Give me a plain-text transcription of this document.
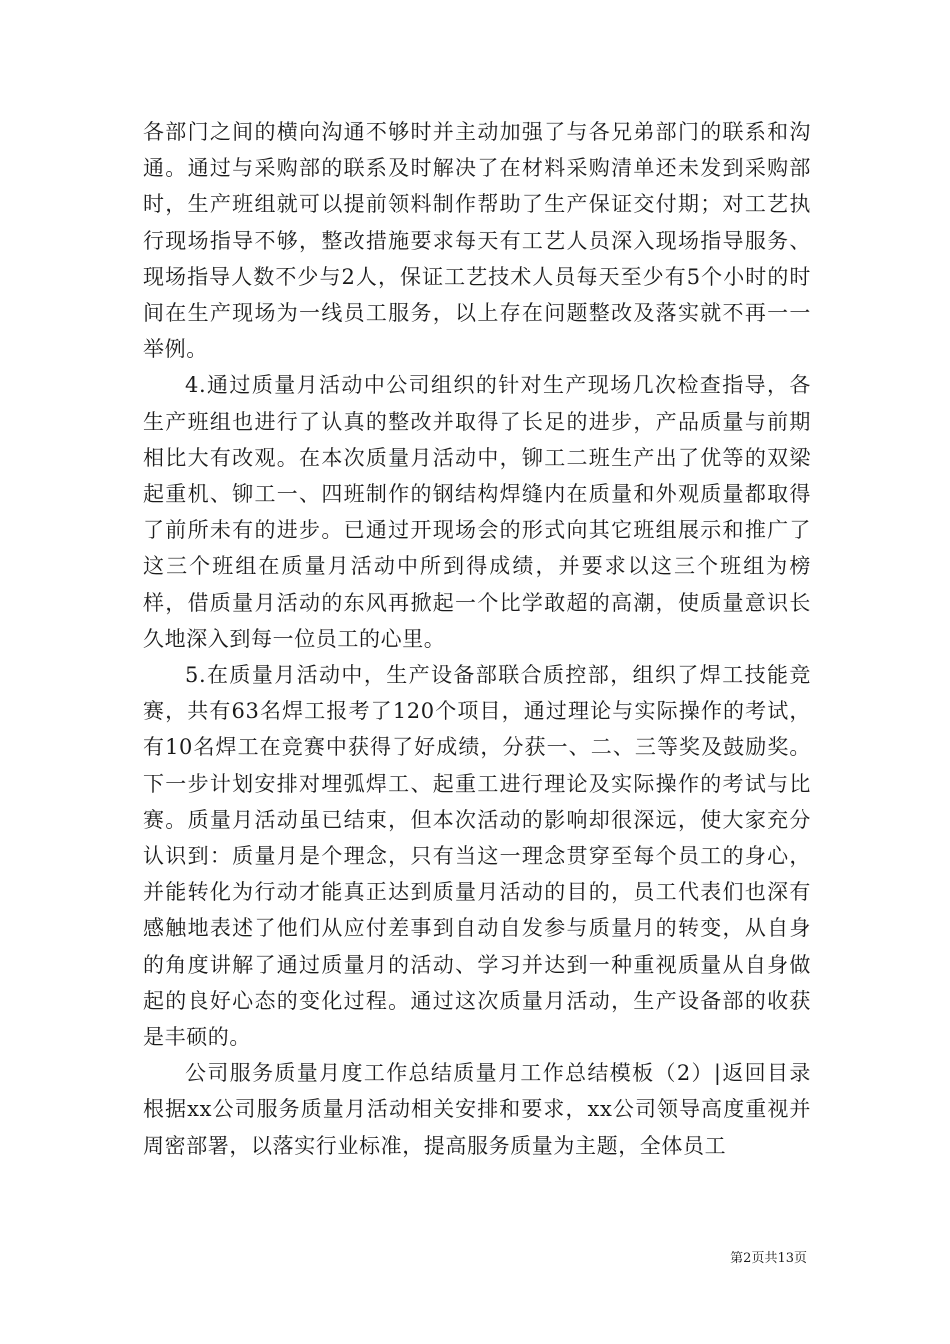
各部门之间的横向沟通不够时并主动加强了与各兄弟部门的联系和沟通。通过与采购部的联系及时解决了在材料采购清单还未发到采购部时，生产班组就可以提前领料制作帮助了生产保证交付期；对工艺执行现场指导不够，整改措施要求每天有工艺人员深入现场指导服务、现场指导人数不少与2人，保证工艺技术人员每天至少有5个小时的时间在生产现场为一线员工服务，以上存在问题整改及落实就不再一一举例。

4.通过质量月活动中公司组织的针对生产现场几次检查指导，各生产班组也进行了认真的整改并取得了长足的进步，产品质量与前期相比大有改观。在本次质量月活动中，铆工二班生产出了优等的双梁起重机、铆工一、四班制作的钢结构焊缝内在质量和外观质量都取得了前所未有的进步。已通过开现场会的形式向其它班组展示和推广了这三个班组在质量月活动中所到得成绩，并要求以这三个班组为榜样，借质量月活动的东风再掀起一个比学敢超的高潮，使质量意识长久地深入到每一位员工的心里。

5.在质量月活动中，生产设备部联合质控部，组织了焊工技能竞赛，共有63名焊工报考了120个项目，通过理论与实际操作的考试，有10名焊工在竞赛中获得了好成绩，分获一、二、三等奖及鼓励奖。下一步计划安排对埋弧焊工、起重工进行理论及实际操作的考试与比赛。质量月活动虽已结束，但本次活动的影响却很深远，使大家充分认识到：质量月是个理念，只有当这一理念贯穿至每个员工的身心，并能转化为行动才能真正达到质量月活动的目的，员工代表们也深有感触地表述了他们从应付差事到自动自发参与质量月的转变，从自身的角度讲解了通过质量月的活动、学习并达到一种重视质量从自身做起的良好心态的变化过程。通过这次质量月活动，生产设备部的收获是丰硕的。

公司服务质量月度工作总结质量月工作总结模板（2）|返回目录根据xx公司服务质量月活动相关安排和要求，xx公司领导高度重视并周密部署，以落实行业标准，提高服务质量为主题，全体员工

第2页共13页
